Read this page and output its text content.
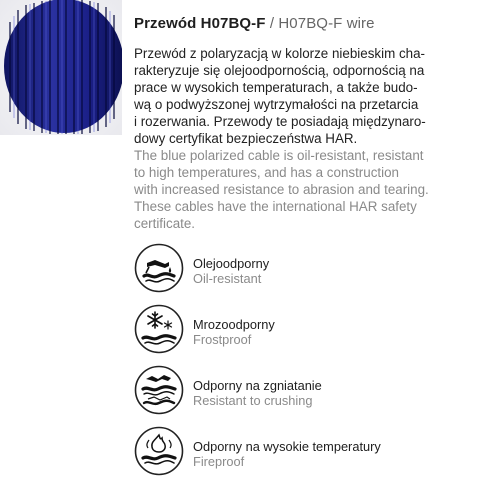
Przewód H07BQ-F / H07BQ-F wire

Przewód z polaryzacją w kolorze niebieskim cha-

rakteryzuje się olejoodpornością, odpornością na

prace w wysokich temperaturach, a także budo-

wą o podwyższonej wytrzymałości na przetarcia

i rozerwania. Przewody te posiadają międzynaro-

dowy certyfikat bezpieczeństwa HAR.

The blue polarized cable is oil-resistant, resistant

to high temperatures, and has a construction

with increased resistance to abrasion and tearing.

These cables have the international HAR safety

certificate.

Olejoodporny
Oil-resistant
Mrozoodporny
Frostproof
Odporny na zgniatanie
Resistant to crushing
Odporny na wysokie temperatury
Fireproof
